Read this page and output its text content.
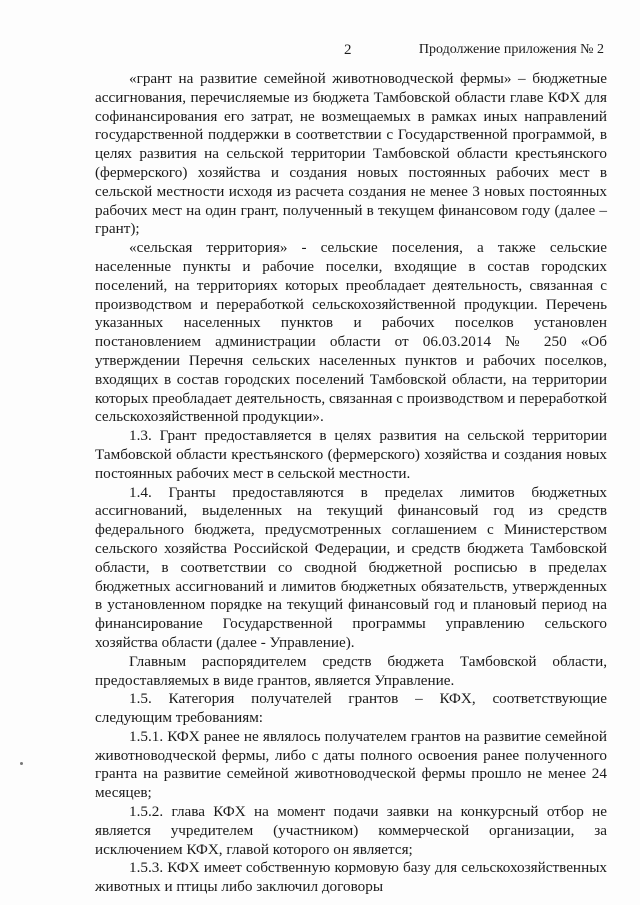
2	Продолжение приложения № 2

«грант на развитие семейной животноводческой фермы» – бюджетные ассигнования, перечисляемые из бюджета Тамбовской области главе КФХ для софинансирования его затрат, не возмещаемых в рамках иных направлений государственной поддержки в соответствии с Государственной программой, в целях развития на сельской территории Тамбовской области крестьянского (фермерского) хозяйства и создания новых постоянных рабочих мест в сельской местности исходя из расчета создания не менее 3 новых постоянных рабочих мест на один грант, полученный в текущем финансовом году (далее – грант);

«сельская территория» - сельские поселения, а также сельские населенные пункты и рабочие поселки, входящие в состав городских поселений, на территориях которых преобладает деятельность, связанная с производством и переработкой сельскохозяйственной продукции. Перечень указанных населенных пунктов и рабочих поселков установлен постановлением администрации области от 06.03.2014 № 250 «Об утверждении Перечня сельских населенных пунктов и рабочих поселков, входящих в состав городских поселений Тамбовской области, на территории которых преобладает деятельность, связанная с производством и переработкой сельскохозяйственной продукции».

1.3. Грант предоставляется в целях развития на сельской территории Тамбовской области крестьянского (фермерского) хозяйства и создания новых постоянных рабочих мест в сельской местности.

1.4. Гранты предоставляются в пределах лимитов бюджетных ассигнований, выделенных на текущий финансовый год из средств федерального бюджета, предусмотренных соглашением с Министерством сельского хозяйства Российской Федерации, и средств бюджета Тамбовской области, в соответствии со сводной бюджетной росписью в пределах бюджетных ассигнований и лимитов бюджетных обязательств, утвержденных в установленном порядке на текущий финансовый год и плановый период на финансирование Государственной программы управлению сельского хозяйства области (далее - Управление).

Главным распорядителем средств бюджета Тамбовской области, предоставляемых в виде грантов, является Управление.

1.5. Категория получателей грантов – КФХ, соответствующие следующим требованиям:

1.5.1. КФХ ранее не являлось получателем грантов на развитие семейной животноводческой фермы, либо с даты полного освоения ранее полученного гранта на развитие семейной животноводческой фермы прошло не менее 24 месяцев;

1.5.2. глава КФХ на момент подачи заявки на конкурсный отбор не является учредителем (участником) коммерческой организации, за исключением КФХ, главой которого он является;

1.5.3. КФХ имеет собственную кормовую базу для сельскохозяйственных животных и птицы либо заключил договоры
